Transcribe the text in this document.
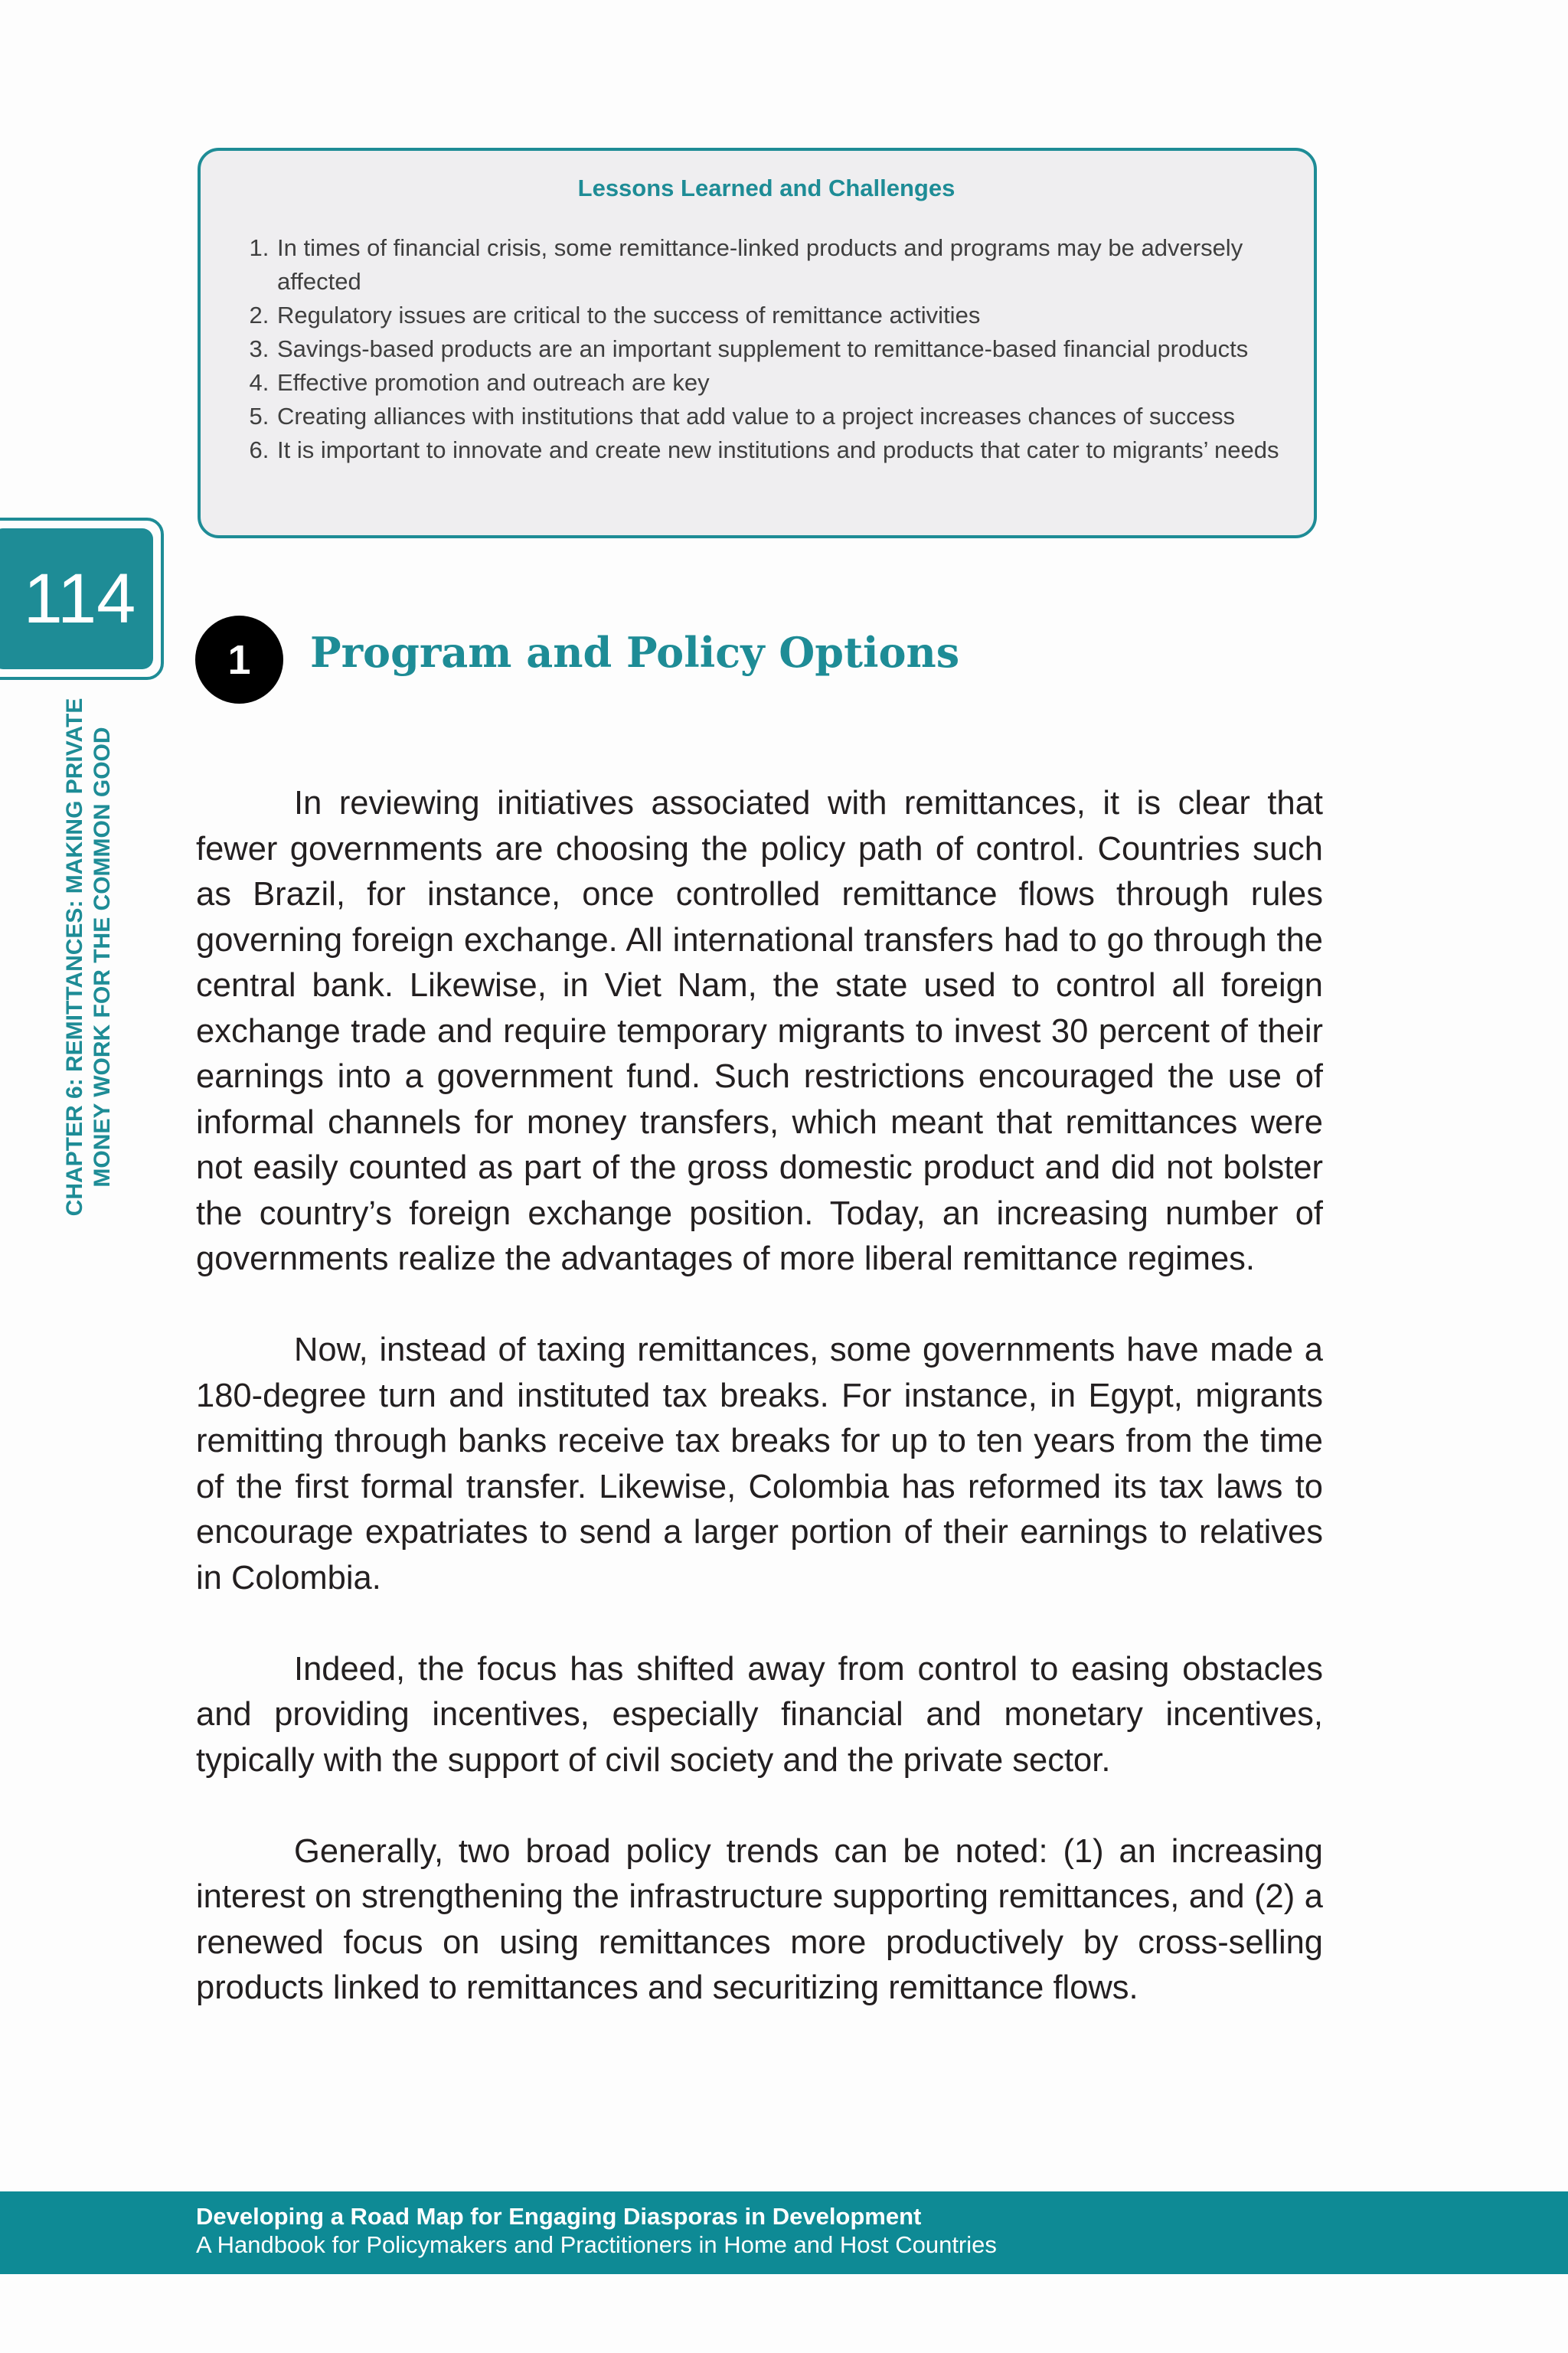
Lessons Learned and Challenges
1. In times of financial crisis, some remittance-linked products and programs may be adversely affected
2. Regulatory issues are critical to the success of remittance activities
3. Savings-based products are an important supplement to remittance-based financial products
4. Effective promotion and outreach are key
5. Creating alliances with institutions that add value to a project increases chances of success
6. It is important to innovate and create new institutions and products that cater to migrants’ needs
114
CHAPTER 6: REMITTANCES: MAKING PRIVATE MONEY WORK FOR THE COMMON GOOD
1	Program and Policy Options

In reviewing initiatives associated with remittances, it is clear that fewer governments are choosing the policy path of control. Countries such as Brazil, for instance, once controlled remittance flows through rules governing foreign exchange. All international transfers had to go through the central bank. Likewise, in Viet Nam, the state used to control all foreign exchange trade and require temporary migrants to invest 30 percent of their earnings into a government fund. Such restrictions encouraged the use of informal channels for money transfers, which meant that remittances were not easily counted as part of the gross domestic product and did not bolster the country’s foreign exchange position. Today, an increasing number of governments realize the advantages of more liberal remittance regimes.

Now, instead of taxing remittances, some governments have made a 180-degree turn and instituted tax breaks. For instance, in Egypt, migrants remitting through banks receive tax breaks for up to ten years from the time of the first formal transfer. Likewise, Colombia has reformed its tax laws to encourage expatriates to send a larger portion of their earnings to relatives in Colombia.

Indeed, the focus has shifted away from control to easing obstacles and providing incentives, especially financial and monetary incentives, typically with the support of civil society and the private sector.

Generally, two broad policy trends can be noted: (1) an increasing interest on strengthening the infrastructure supporting remittances, and (2) a renewed focus on using remittances more productively by cross-selling products linked to remittances and securitizing remittance flows.

Developing a Road Map for Engaging Diasporas in Development
A Handbook for Policymakers and Practitioners in Home and Host Countries
